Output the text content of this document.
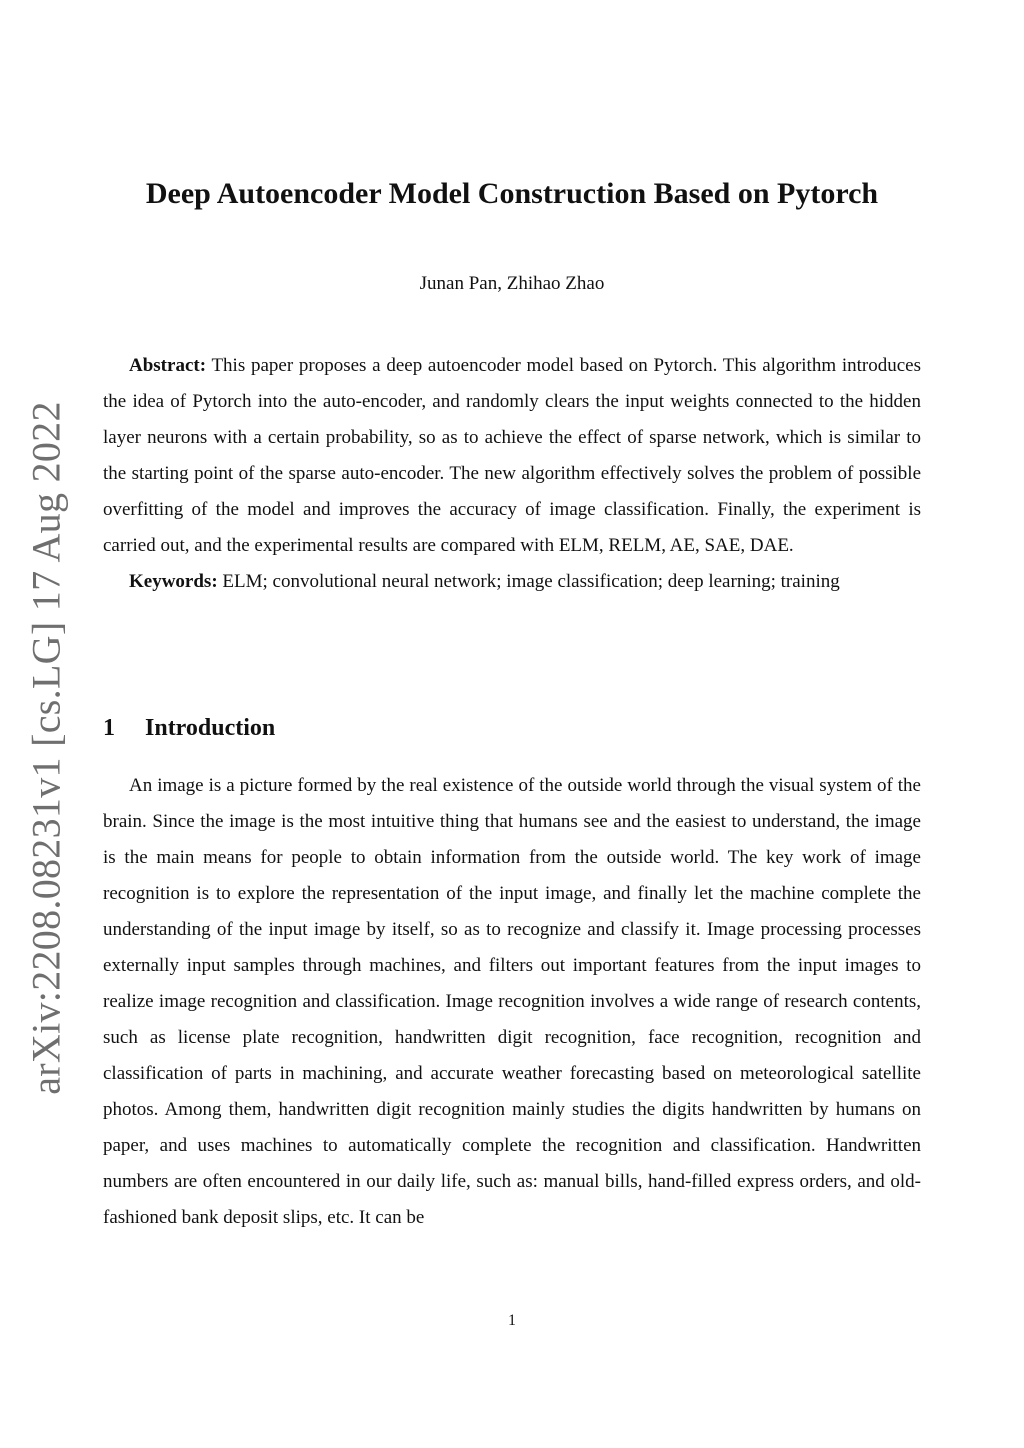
arXiv:2208.08231v1 [cs.LG] 17 Aug 2022
Deep Autoencoder Model Construction Based on Pytorch
Junan Pan, Zhihao Zhao

Abstract: This paper proposes a deep autoencoder model based on Pytorch. This algorithm introduces the idea of Pytorch into the auto-encoder, and randomly clears the input weights connected to the hidden layer neurons with a certain probability, so as to achieve the effect of sparse network, which is similar to the starting point of the sparse auto-encoder. The new algorithm effectively solves the problem of possible overfitting of the model and improves the accuracy of image classification. Finally, the experiment is carried out, and the experimental results are compared with ELM, RELM, AE, SAE, DAE.

Keywords: ELM; convolutional neural network; image classification; deep learning; training

1 Introduction

An image is a picture formed by the real existence of the outside world through the visual system of the brain. Since the image is the most intuitive thing that humans see and the easiest to understand, the image is the main means for people to obtain information from the outside world. The key work of image recognition is to explore the representation of the input image, and finally let the machine complete the understanding of the input image by itself, so as to recognize and classify it. Image processing processes externally input samples through machines, and filters out important features from the input images to realize image recognition and classification. Image recognition involves a wide range of research contents, such as license plate recognition, handwritten digit recognition, face recognition, recognition and classification of parts in machining, and accurate weather forecasting based on meteorological satellite photos. Among them, handwritten digit recognition mainly studies the digits handwritten by humans on paper, and uses machines to automatically complete the recognition and classification. Handwritten numbers are often encountered in our daily life, such as: manual bills, hand-filled express orders, and old-fashioned bank deposit slips, etc. It can be

1
